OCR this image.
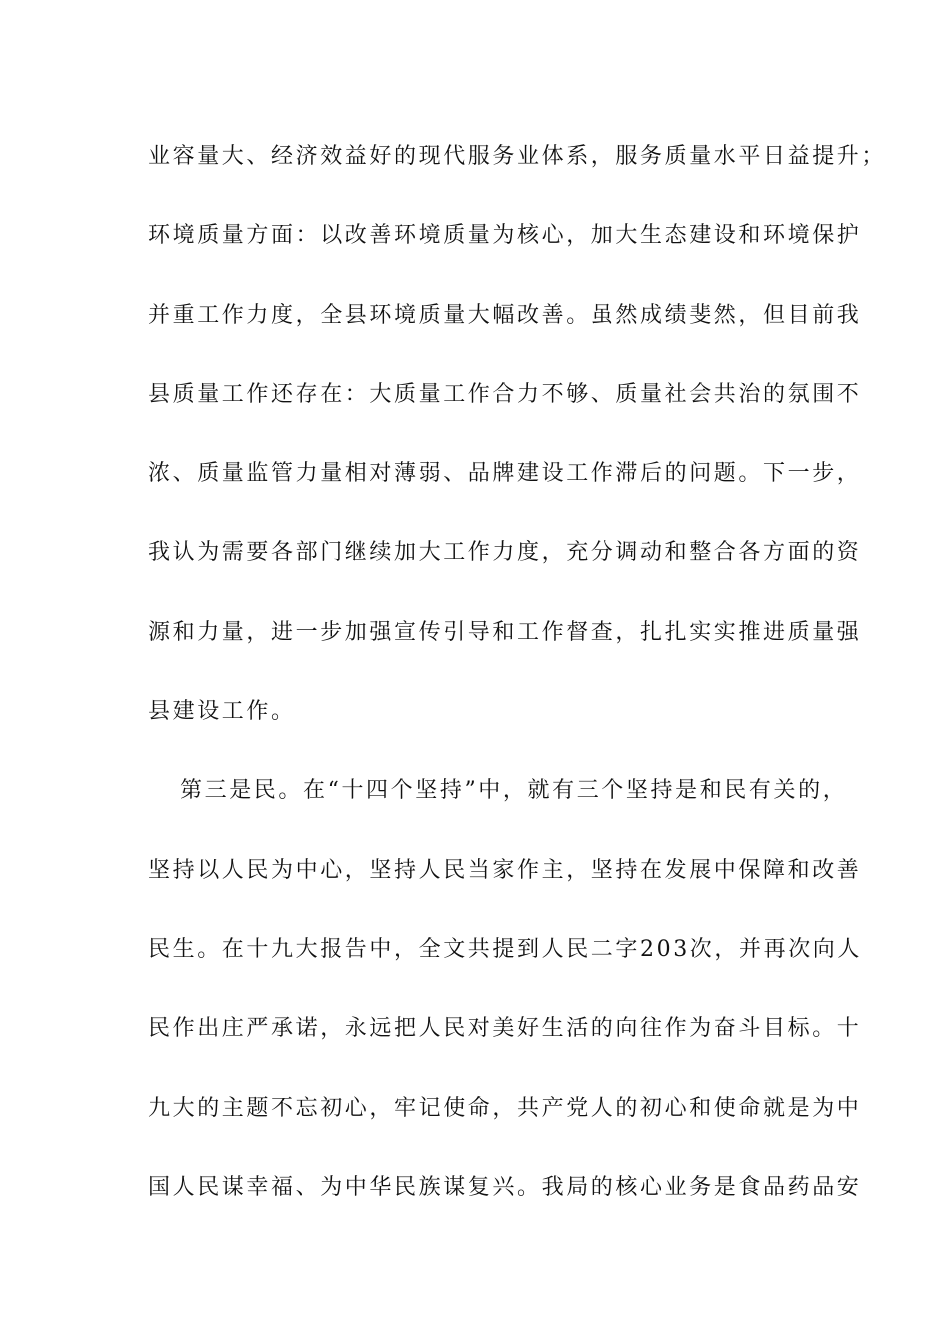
业容量大、经济效益好的现代服务业体系，服务质量水平日益提升；
环境质量方面：以改善环境质量为核心，加大生态建设和环境保护
并重工作力度，全县环境质量大幅改善。虽然成绩斐然，但目前我
县质量工作还存在：大质量工作合力不够、质量社会共治的氛围不
浓、质量监管力量相对薄弱、品牌建设工作滞后的问题。下一步，
我认为需要各部门继续加大工作力度，充分调动和整合各方面的资
源和力量，进一步加强宣传引导和工作督查，扎扎实实推进质量强
县建设工作。
第三是民。在“十四个坚持”中，就有三个坚持是和民有关的，
坚持以人民为中心，坚持人民当家作主，坚持在发展中保障和改善
民生。在十九大报告中，全文共提到人民二字203次，并再次向人
民作出庄严承诺，永远把人民对美好生活的向往作为奋斗目标。十
九大的主题不忘初心，牢记使命，共产党人的初心和使命就是为中
国人民谋幸福、为中华民族谋复兴。我局的核心业务是食品药品安
